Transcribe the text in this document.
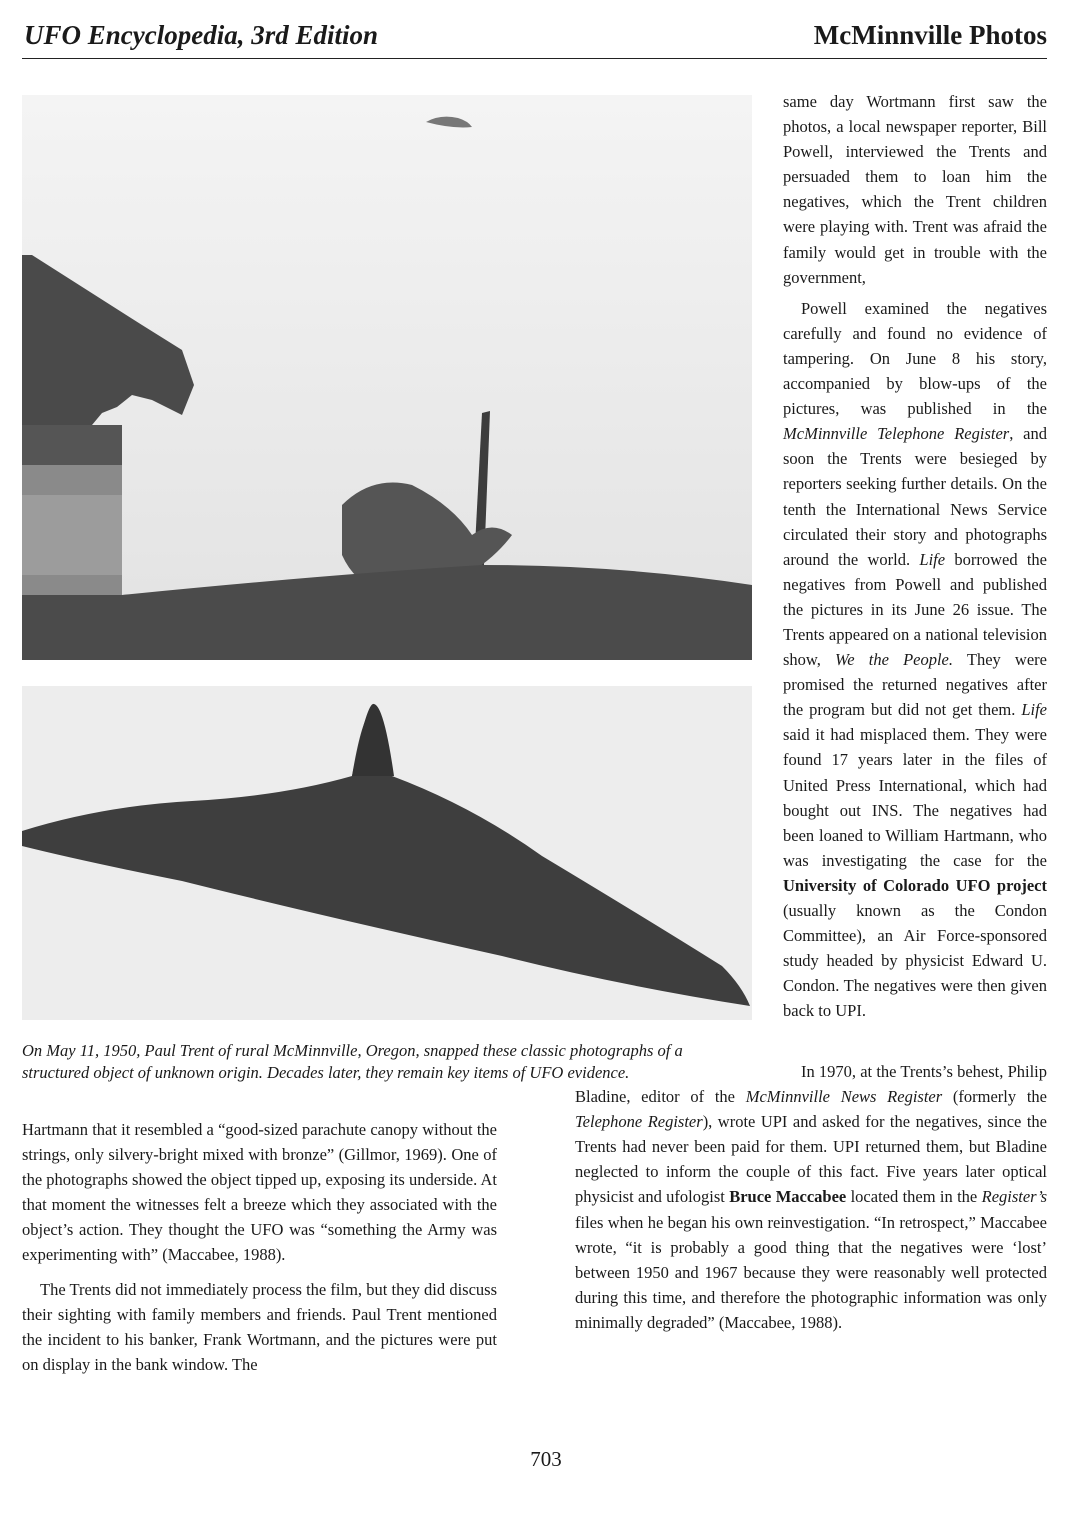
UFO Encyclopedia, 3rd Edition	McMinnville Photos
On May 11, 1950, Paul Trent of rural McMinnville, Oregon, snapped these classic photographs of a structured object of unknown origin. Decades later, they remain key items of UFO evidence.

same day Wortmann first saw the photos, a local newspaper reporter, Bill Powell, interviewed the Trents and persuaded them to loan him the negatives, which the Trent children were playing with. Trent was afraid the family would get in trouble with the government,

Powell examined the negatives carefully and found no evidence of tampering. On June 8 his story, accompanied by blow-ups of the pictures, was published in the McMinnville Telephone Register, and soon the Trents were besieged by reporters seeking further details. On the tenth the International News Service circulated their story and photographs around the world. Life borrowed the negatives from Powell and published the pictures in its June 26 issue. The Trents appeared on a national television show, We the People. They were promised the returned negatives after the program but did not get them. Life said it had misplaced them. They were found 17 years later in the files of United Press International, which had bought out INS. The negatives had been loaned to William Hartmann, who was investigating the case for the University of Colorado UFO project (usually known as the Condon Committee), an Air Force-sponsored study headed by physicist Edward U. Condon. The negatives were then given back to UPI.

In 1970, at the Trents’s behest, Philip Bladine, editor of the McMinnville News Register (formerly the Telephone Register), wrote UPI and asked for the negatives, since the Trents had never been paid for them. UPI returned them, but Bladine neglected to inform the couple of this fact. Five years later optical physicist and ufologist Bruce Maccabee located them in the Register’s files when he began his own reinvestigation. “In retrospect,” Maccabee wrote, “it is probably a good thing that the negatives were ‘lost’ between 1950 and 1967 because they were reasonably well protected during this time, and therefore the photographic information was only minimally degraded” (Maccabee, 1988).

Hartmann that it resembled a “good-sized parachute canopy without the strings, only silvery-bright mixed with bronze” (Gillmor, 1969). One of the photographs showed the object tipped up, exposing its underside. At that moment the witnesses felt a breeze which they associated with the object’s action. They thought the UFO was “something the Army was experimenting with” (Maccabee, 1988).

The Trents did not immediately process the film, but they did discuss their sighting with family members and friends. Paul Trent mentioned the incident to his banker, Frank Wortmann, and the pictures were put on display in the bank window. The

703
